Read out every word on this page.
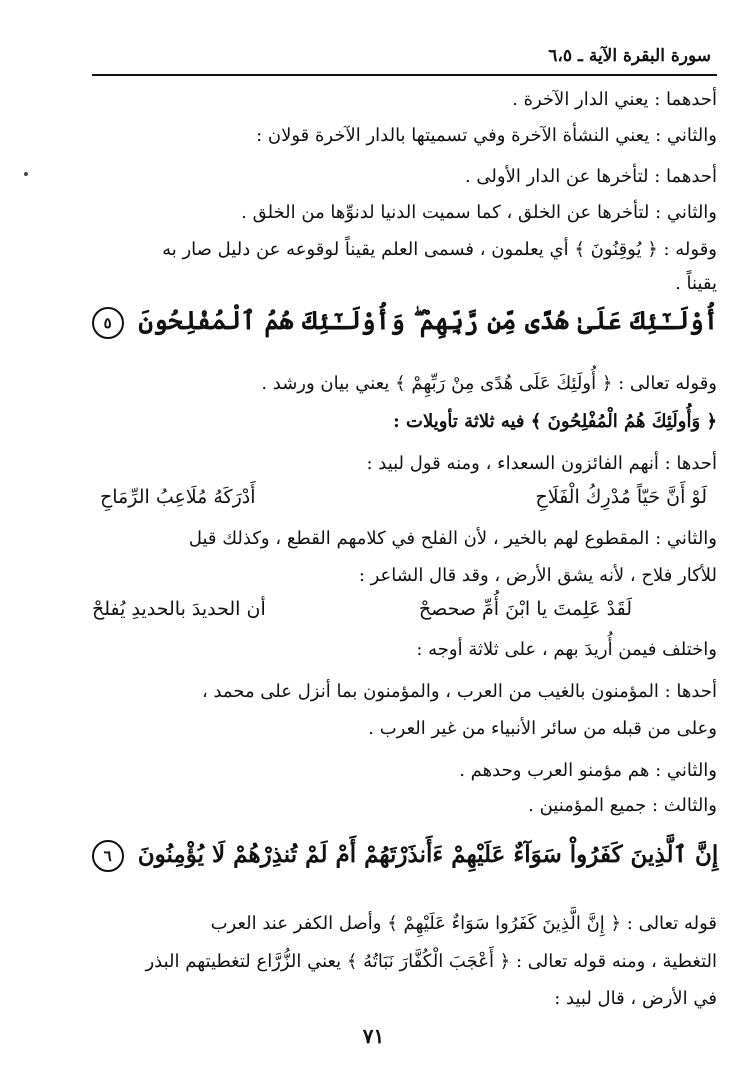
سورة البقرة الآية ـ ٦،٥
أحدهما : يعني الدار الآخرة .
والثاني : يعني النشأة الآخرة وفي تسميتها بالدار الآخرة قولان :
أحدهما : لتأخرها عن الدار الأولى .
والثاني : لتأخرها عن الخلق ، كما سميت الدنيا لدنوِّها من الخلق .
وقوله : ﴿ يُوقِنُونَ ﴾ أي يعلمون ، فسمى العلم يقيناً لوقوعه عن دليل صار به
يقيناً .
أُوْلَـٰٓئِكَ عَلَىٰ هُدًى مِّن رَّبِّهِمْ ۖ وَأُوْلَـٰٓئِكَ هُمُ ٱلْمُفْلِحُونَ ٥
وقوله تعالى : ﴿ أُولَئِكَ عَلَى هُدًى مِنْ رَبِّهِمْ ﴾ يعني بيان ورشد .
﴿ وَأُولَئِكَ هُمُ الْمُفْلِحُونَ ﴾ فيه ثلاثة تأويلات :
أحدها : أنهم الفائزون السعداء ، ومنه قول لبيد :
لَوْ أَنَّ حَيّاً مُدْرِكُ الْفَلَاحِ
أَدْرَكَهُ مُلَاعِبُ الرِّمَاحِ
والثاني : المقطوع لهم بالخير ، لأن الفلح في كلامهم القطع ، وكذلك قيل
للأكار فلاح ، لأنه يشق الأرض ، وقد قال الشاعر :
لَقَدْ عَلِمتَ يا ابْنَ أُمِّ صحصحْ
أن الحديدَ بالحديدِ يُفلحْ
واختلف فيمن أُريدَ بهم ، على ثلاثة أوجه :
أحدها : المؤمنون بالغيب من العرب ، والمؤمنون بما أنزل على محمد ،
وعلى من قبله من سائر الأنبياء من غير العرب .
والثاني : هم مؤمنو العرب وحدهم .
والثالث : جميع المؤمنين .
إِنَّ ٱلَّذِينَ كَفَرُواْ سَوَآءٌ عَلَيْهِمْ ءَأَنذَرْتَهُمْ أَمْ لَمْ تُنذِرْهُمْ لَا يُؤْمِنُونَ ٦
قوله تعالى : ﴿ إِنَّ الَّذِينَ كَفَرُوا سَوَاءٌ عَلَيْهِمْ ﴾ وأصل الكفر عند العرب
التغطية ، ومنه قوله تعالى : ﴿ أَعْجَبَ الْكُفَّارَ نَبَاتُهُ ﴾ يعني الزُّرَّاع لتغطيتهم البذر
في الأرض ، قال لبيد :
٧١
